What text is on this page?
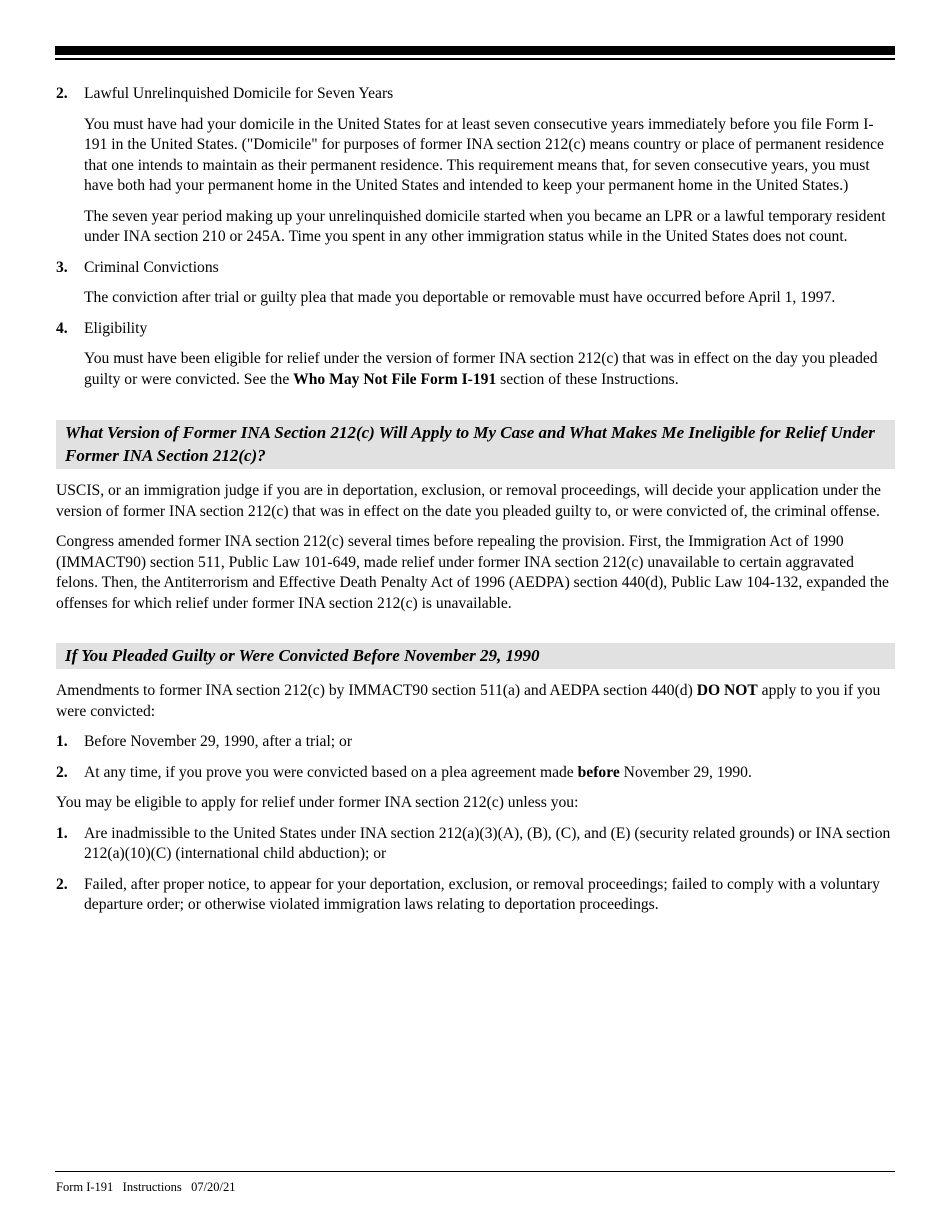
2. Lawful Unrelinquished Domicile for Seven Years

You must have had your domicile in the United States for at least seven consecutive years immediately before you file Form I-191 in the United States. ("Domicile" for purposes of former INA section 212(c) means country or place of permanent residence that one intends to maintain as their permanent residence. This requirement means that, for seven consecutive years, you must have both had your permanent home in the United States and intended to keep your permanent home in the United States.)

The seven year period making up your unrelinquished domicile started when you became an LPR or a lawful temporary resident under INA section 210 or 245A. Time you spent in any other immigration status while in the United States does not count.

3. Criminal Convictions

The conviction after trial or guilty plea that made you deportable or removable must have occurred before April 1, 1997.

4. Eligibility

You must have been eligible for relief under the version of former INA section 212(c) that was in effect on the day you pleaded guilty or were convicted. See the Who May Not File Form I-191 section of these Instructions.

What Version of Former INA Section 212(c) Will Apply to My Case and What Makes Me Ineligible for Relief Under Former INA Section 212(c)?

USCIS, or an immigration judge if you are in deportation, exclusion, or removal proceedings, will decide your application under the version of former INA section 212(c) that was in effect on the date you pleaded guilty to, or were convicted of, the criminal offense.

Congress amended former INA section 212(c) several times before repealing the provision. First, the Immigration Act of 1990 (IMMACT90) section 511, Public Law 101-649, made relief under former INA section 212(c) unavailable to certain aggravated felons. Then, the Antiterrorism and Effective Death Penalty Act of 1996 (AEDPA) section 440(d), Public Law 104-132, expanded the offenses for which relief under former INA section 212(c) is unavailable.

If You Pleaded Guilty or Were Convicted Before November 29, 1990

Amendments to former INA section 212(c) by IMMACT90 section 511(a) and AEDPA section 440(d) DO NOT apply to you if you were convicted:

1. Before November 29, 1990, after a trial; or
2. At any time, if you prove you were convicted based on a plea agreement made before November 29, 1990.

You may be eligible to apply for relief under former INA section 212(c) unless you:

1. Are inadmissible to the United States under INA section 212(a)(3)(A), (B), (C), and (E) (security related grounds) or INA section 212(a)(10)(C) (international child abduction); or
2. Failed, after proper notice, to appear for your deportation, exclusion, or removal proceedings; failed to comply with a voluntary departure order; or otherwise violated immigration laws relating to deportation proceedings.
Form I-191 Instructions 07/20/21
